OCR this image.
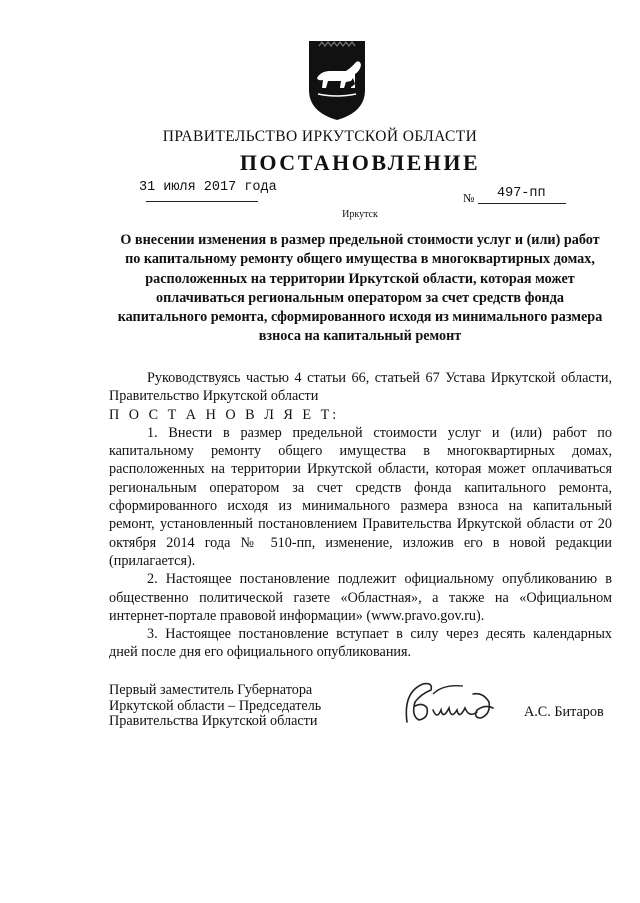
ПРАВИТЕЛЬСТВО ИРКУТСКОЙ ОБЛАСТИ
ПОСТАНОВЛЕНИЕ
31 июля 2017 года
№ 497-пп
Иркутск

О внесении изменения в размер предельной стоимости услуг и (или) работ по капитальному ремонту общего имущества в многоквартирных домах, расположенных на территории Иркутской области, которая может оплачиваться региональным оператором за счет средств фонда капитального ремонта, сформированного исходя из минимального размера взноса на капитальный ремонт

Руководствуясь частью 4 статьи 66, статьей 67 Устава Иркутской области, Правительство Иркутской области

П О С Т А Н О В Л Я Е Т:

1. Внести в размер предельной стоимости услуг и (или) работ по капитальному ремонту общего имущества в многоквартирных домах, расположенных на территории Иркутской области, которая может оплачиваться региональным оператором за счет средств фонда капитального ремонта, сформированного исходя из минимального размера взноса на капитальный ремонт, установленный постановлением Правительства Иркутской области от 20 октября 2014 года № 510-пп, изменение, изложив его в новой редакции (прилагается).

2. Настоящее постановление подлежит официальному опубликованию в общественно политической газете «Областная», а также на «Официальном интернет-портале правовой информации» (www.pravo.gov.ru).

3. Настоящее постановление вступает в силу через десять календарных дней после дня его официального опубликования.

Первый заместитель Губернатора
Иркутской области – Председатель
Правительства Иркутской области
А.С. Битаров
